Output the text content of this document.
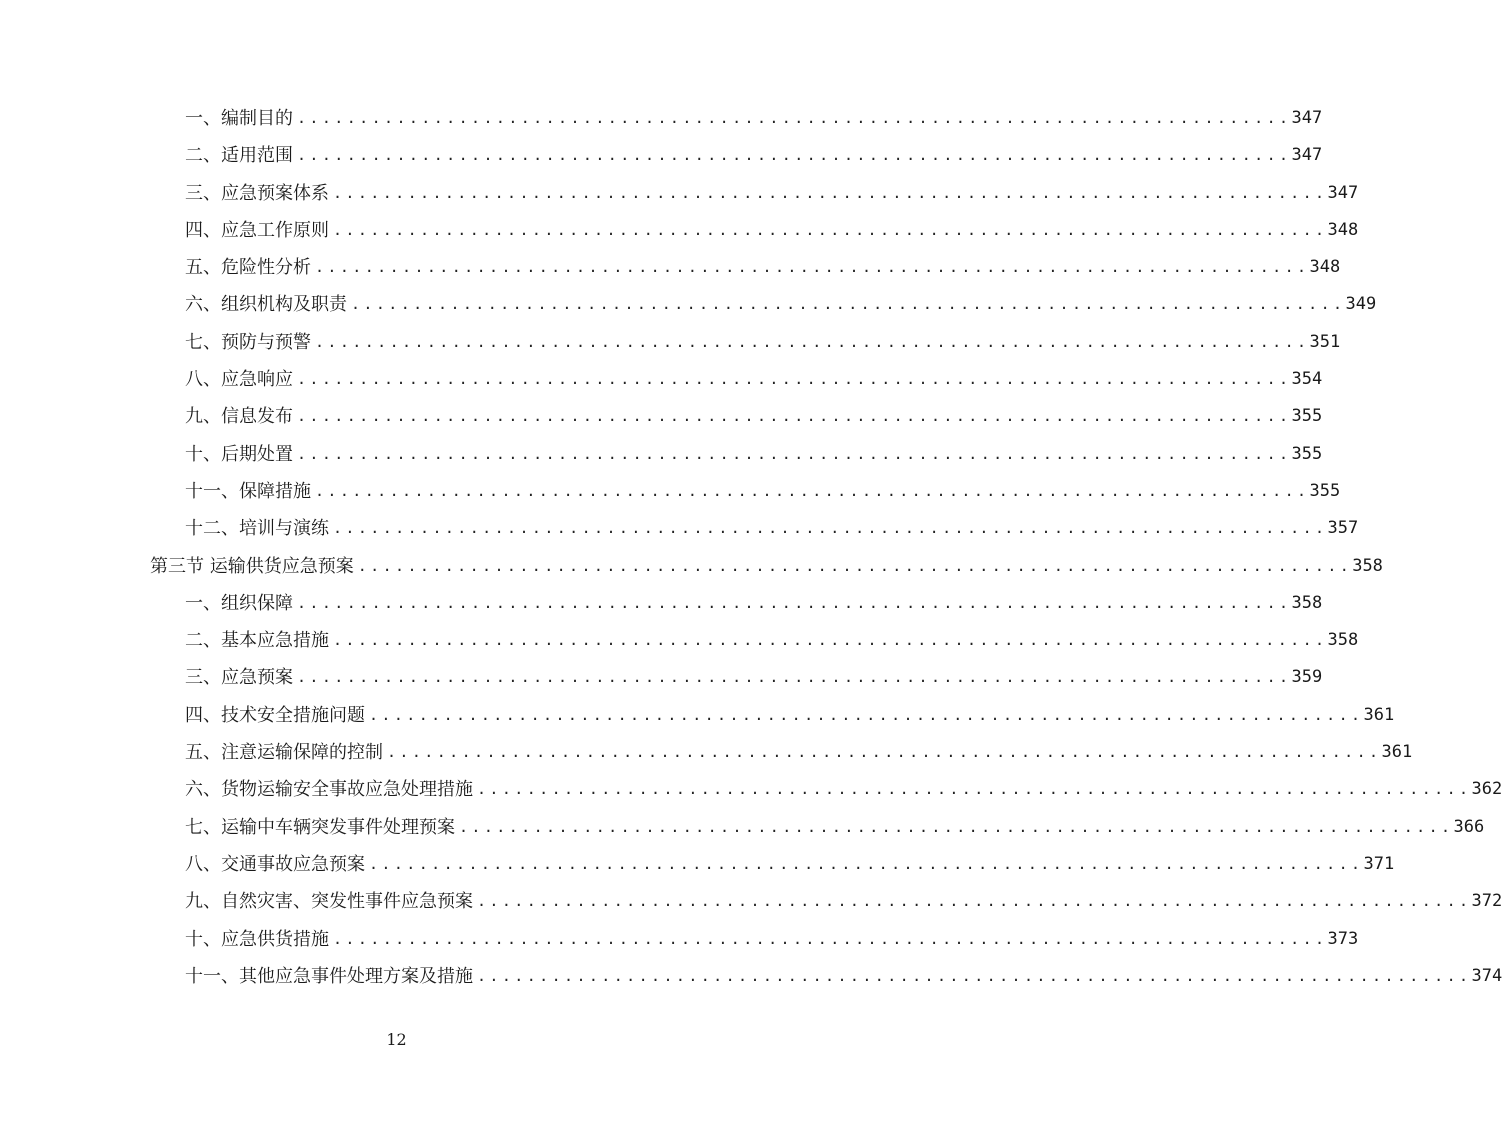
一、编制目的 ................................................................................ 347
二、适用范围 ................................................................................ 347
三、应急预案体系 ................................................................................ 347
四、应急工作原则 ................................................................................ 348
五、危险性分析 ................................................................................ 348
六、组织机构及职责 ................................................................................ 349
七、预防与预警 ................................................................................ 351
八、应急响应 ................................................................................ 354
九、信息发布 ................................................................................ 355
十、后期处置 ................................................................................ 355
十一、保障措施 ................................................................................ 355
十二、培训与演练 ................................................................................ 357
第三节 运输供货应急预案 ................................................................................ 358
一、组织保障 ................................................................................ 358
二、基本应急措施 ................................................................................ 358
三、应急预案 ................................................................................ 359
四、技术安全措施问题 ................................................................................ 361
五、注意运输保障的控制 ................................................................................ 361
六、货物运输安全事故应急处理措施 ................................................................................ 362
七、运输中车辆突发事件处理预案 ................................................................................ 366
八、交通事故应急预案 ................................................................................ 371
九、自然灾害、突发性事件应急预案 ................................................................................ 372
十、应急供货措施 ................................................................................ 373
十一、其他应急事件处理方案及措施 ................................................................................ 374
12
